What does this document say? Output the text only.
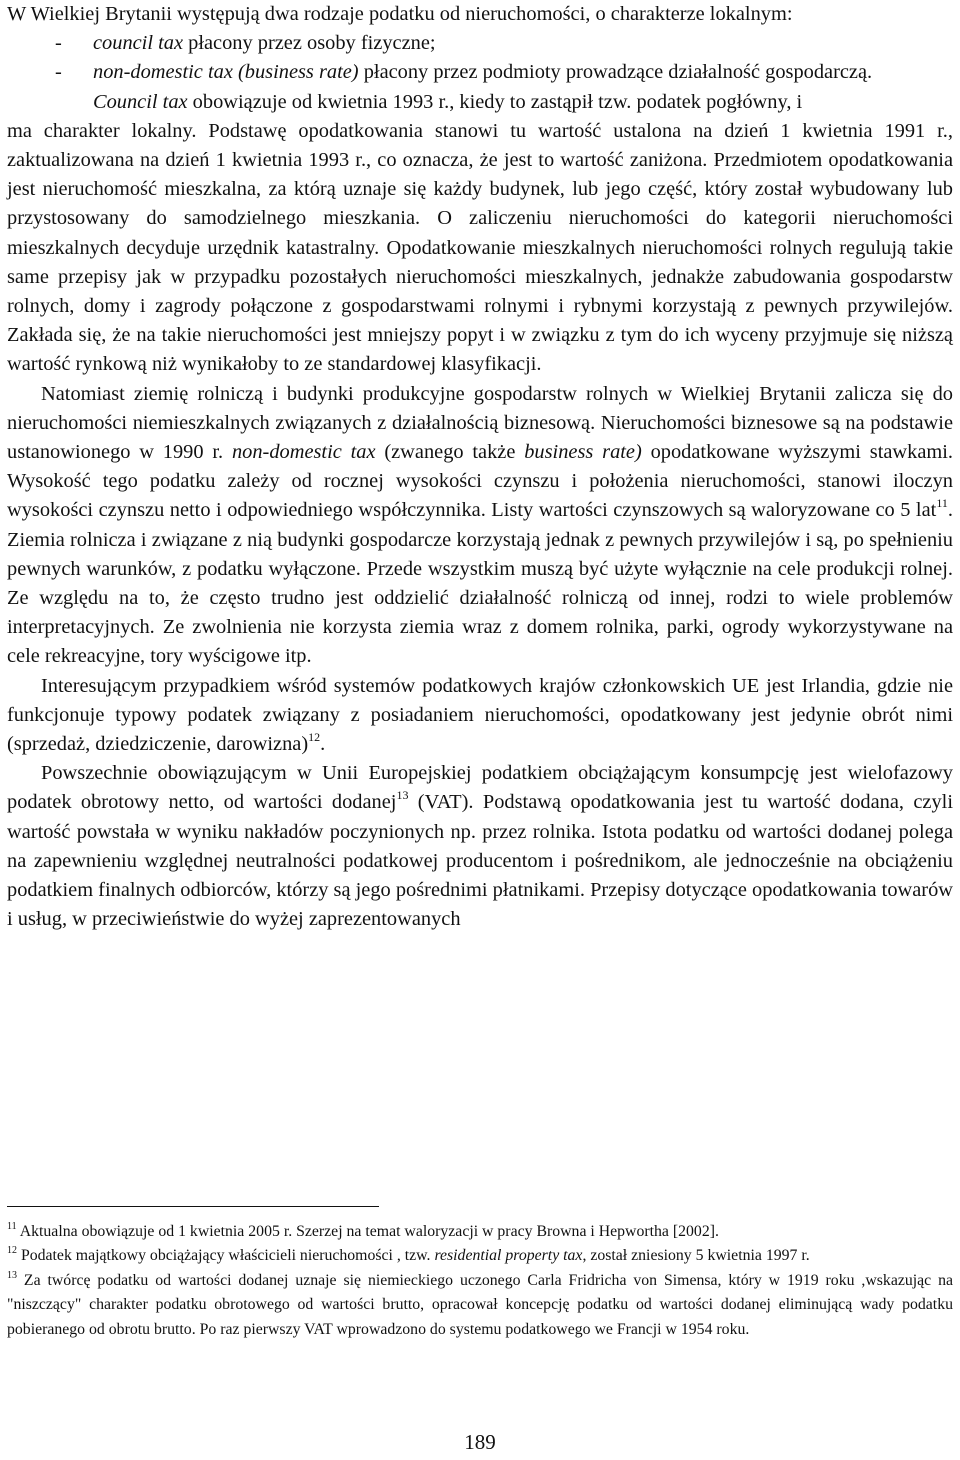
W Wielkiej Brytanii występują dwa rodzaje podatku od nieruchomości, o charakterze lokalnym:

- council tax płacony przez osoby fizyczne;
- non-domestic tax (business rate) płacony przez podmioty prowadzące działalność gospodarczą.

Council tax obowiązuje od kwietnia 1993 r., kiedy to zastąpił tzw. podatek pogłówny, i

ma charakter lokalny. Podstawę opodatkowania stanowi tu wartość ustalona na dzień 1 kwietnia 1991 r., zaktualizowana na dzień 1 kwietnia 1993 r., co oznacza, że jest to wartość zaniżona. Przedmiotem opodatkowania jest nieruchomość mieszkalna, za którą uznaje się każdy budynek, lub jego część, który został wybudowany lub przystosowany do samodzielnego mieszkania. O zaliczeniu nieruchomości do kategorii nieruchomości mieszkalnych decyduje urzędnik katastralny. Opodatkowanie mieszkalnych nieruchomości rolnych regulują takie same przepisy jak w przypadku pozostałych nieruchomości mieszkalnych, jednakże zabudowania gospodarstw rolnych, domy i zagrody połączone z gospodarstwami rolnymi i rybnymi korzystają z pewnych przywilejów. Zakłada się, że na takie nieruchomości jest mniejszy popyt i w związku z tym do ich wyceny przyjmuje się niższą wartość rynkową niż wynikałoby to ze standardowej klasyfikacji.

Natomiast ziemię rolniczą i budynki produkcyjne gospodarstw rolnych w Wielkiej Brytanii zalicza się do nieruchomości niemieszkalnych związanych z działalnością biznesową. Nieruchomości biznesowe są na podstawie ustanowionego w 1990 r. non-domestic tax (zwanego także business rate) opodatkowane wyższymi stawkami. Wysokość tego podatku zależy od rocznej wysokości czynszu i położenia nieruchomości, stanowi iloczyn wysokości czynszu netto i odpowiedniego współczynnika. Listy wartości czynszowych są waloryzowane co 5 lat$^{11}$. Ziemia rolnicza i związane z nią budynki gospodarcze korzystają jednak z pewnych przywilejów i są, po spełnieniu pewnych warunków, z podatku wyłączone. Przede wszystkim muszą być użyte wyłącznie na cele produkcji rolnej. Ze względu na to, że często trudno jest oddzielić działalność rolniczą od innej, rodzi to wiele problemów interpretacyjnych. Ze zwolnienia nie korzysta ziemia wraz z domem rolnika, parki, ogrody wykorzystywane na cele rekreacyjne, tory wyścigowe itp.

Interesującym przypadkiem wśród systemów podatkowych krajów członkowskich UE jest Irlandia, gdzie nie funkcjonuje typowy podatek związany z posiadaniem nieruchomości, opodatkowany jest jedynie obrót nimi (sprzedaż, dziedziczenie, darowizna)$^{12}$.

Powszechnie obowiązującym w Unii Europejskiej podatkiem obciążającym konsumpcję jest wielofazowy podatek obrotowy netto, od wartości dodanej$^{13}$ (VAT). Podstawą opodatkowania jest tu wartość dodana, czyli wartość powstała w wyniku nakładów poczynionych np. przez rolnika. Istota podatku od wartości dodanej polega na zapewnieniu względnej neutralności podatkowej producentom i pośrednikom, ale jednocześnie na obciążeniu podatkiem finalnych odbiorców, którzy są jego pośrednimi płatnikami. Przepisy dotyczące opodatkowania towarów i usług, w przeciwieństwie do wyżej zaprezentowanych

$^{11}$ Aktualna obowiązuje od 1 kwietnia 2005 r. Szerzej na temat waloryzacji w pracy Browna i Hepwortha [2002].

$^{12}$ Podatek majątkowy obciążający właścicieli nieruchomości , tzw. residential property tax, został zniesiony 5 kwietnia 1997 r.

$^{13}$ Za twórcę podatku od wartości dodanej uznaje się niemieckiego uczonego Carla Fridricha von Simensa, który w 1919 roku ,wskazując na "niszczący" charakter podatku obrotowego od wartości brutto, opracował koncepcję podatku od wartości dodanej eliminującą wady podatku pobieranego od obrotu brutto. Po raz pierwszy VAT wprowadzono do systemu podatkowego we Francji w 1954 roku.

189
